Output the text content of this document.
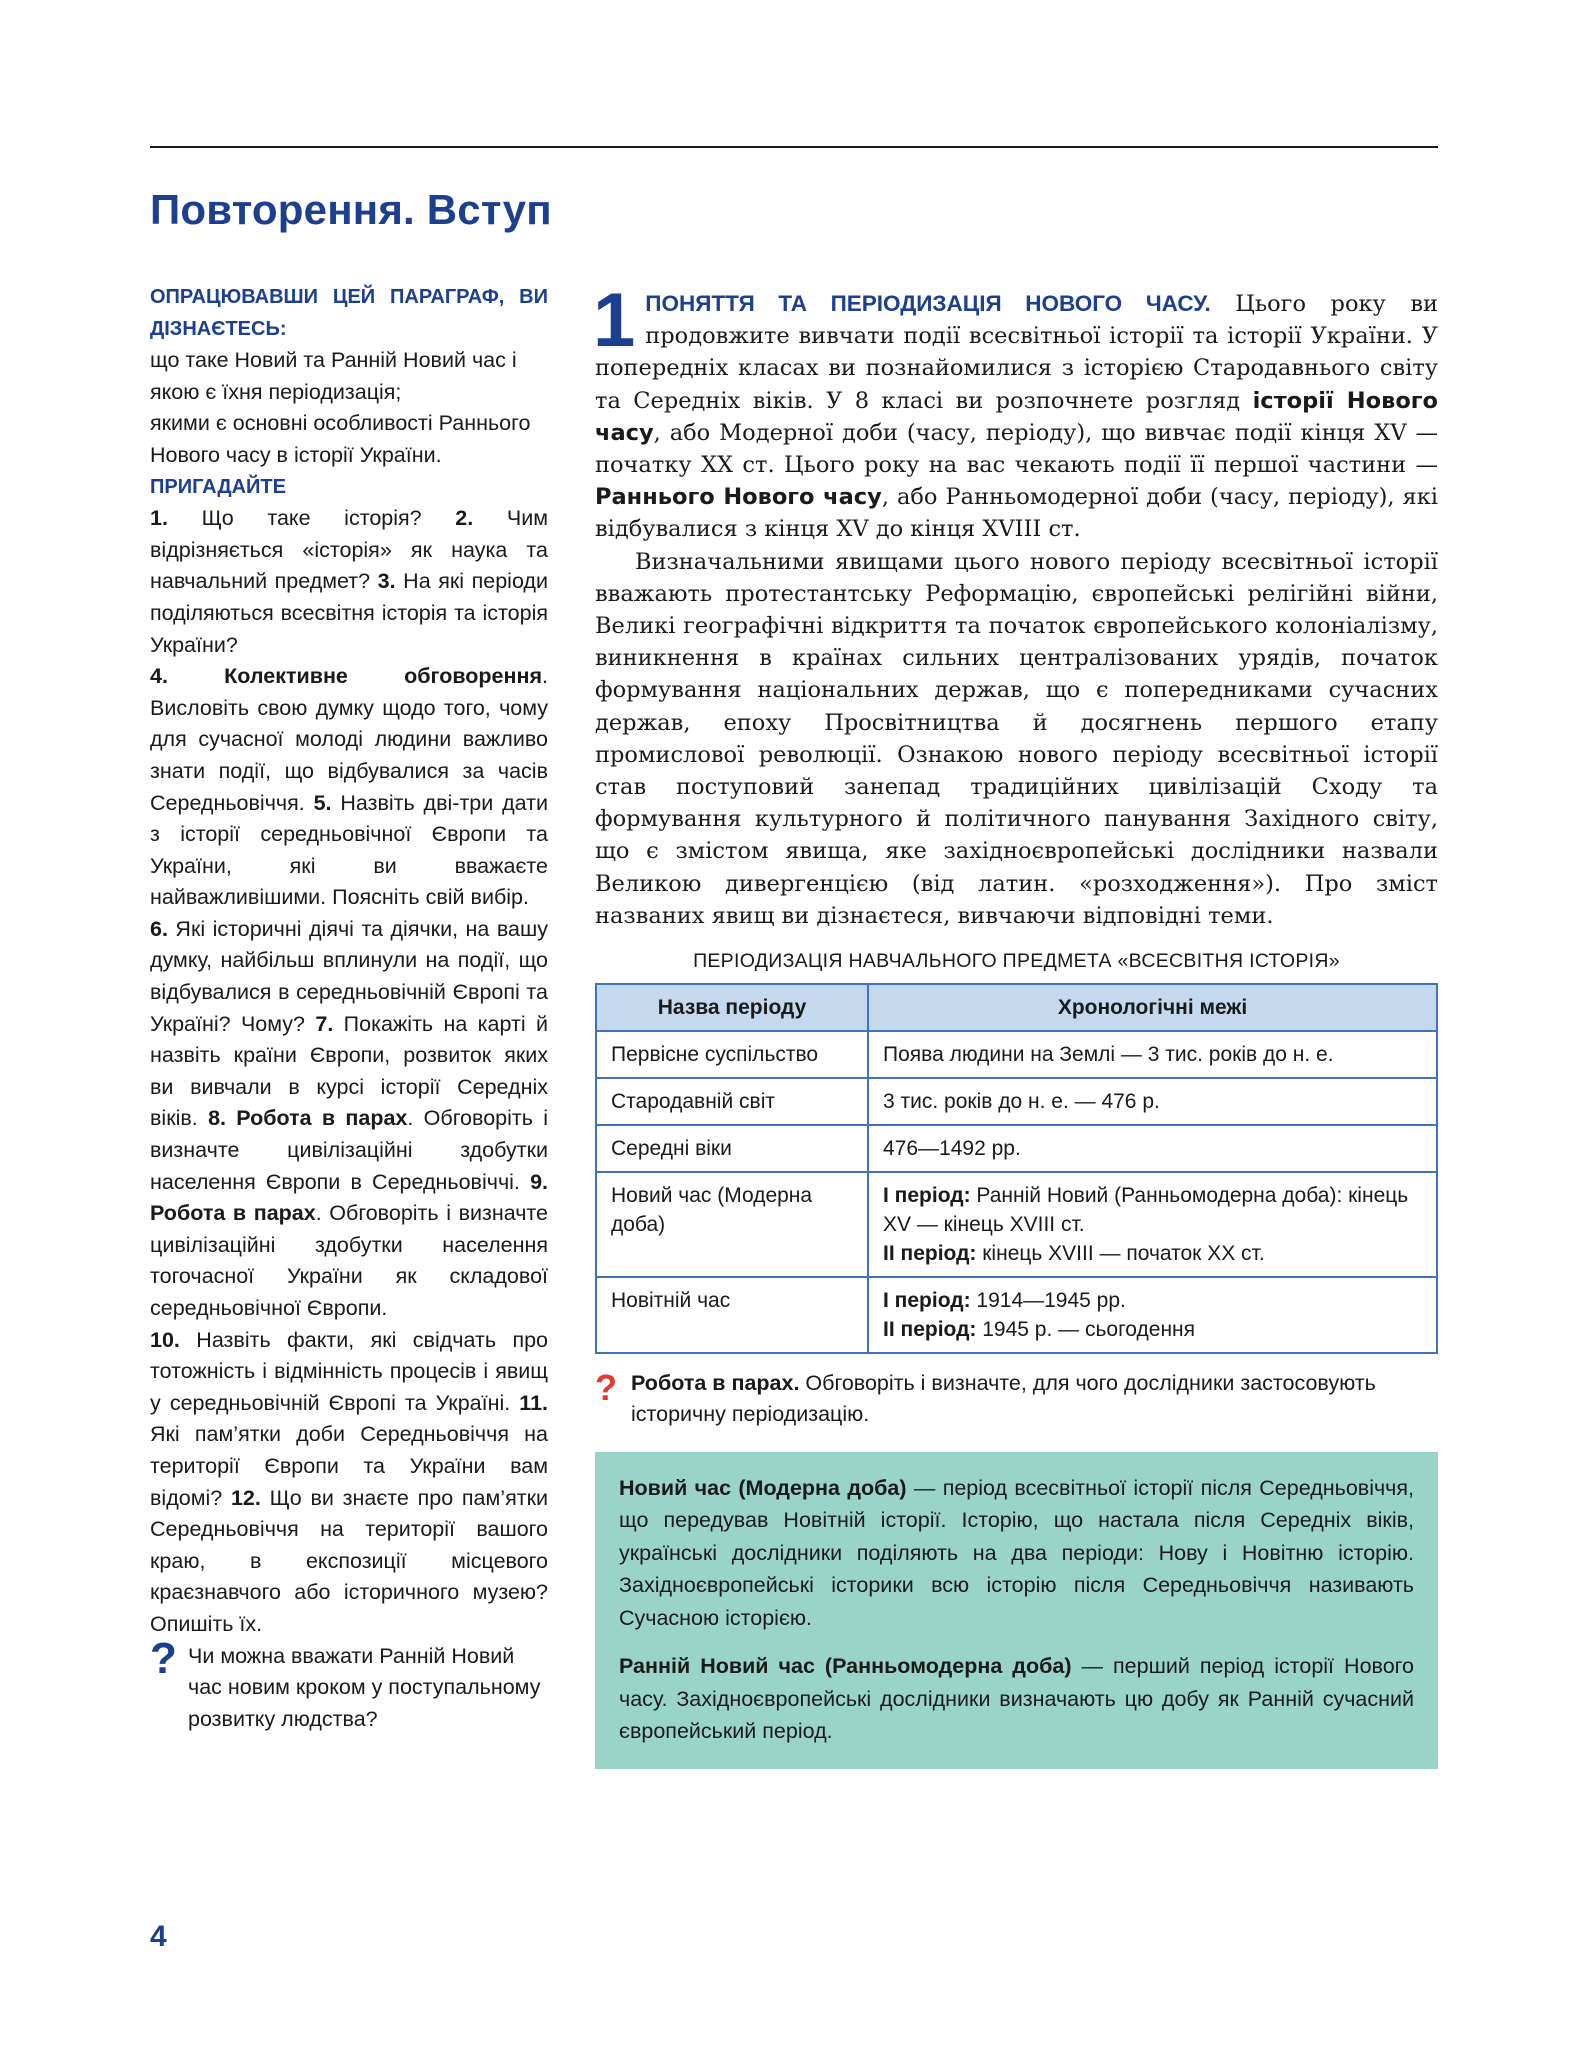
Повторення. Вступ

ОПРАЦЮВАВШИ ЦЕЙ ПАРАГРАФ, ВИ ДІЗНАЄТЕСЬ:

що таке Новий та Ранній Новий час і якою є їхня періодизація;

якими є основні особливості Раннього Нового часу в історії України.

ПРИГАДАЙТЕ

1. Що таке історія? 2. Чим відрізняється «історія» як наука та навчальний предмет? 3. На які періоди поділяються всесвітня історія та історія України?

4. Колективне обговорення. Висловіть свою думку щодо того, чому для сучасної молоді людини важливо знати події, що відбувалися за часів Середньовіччя. 5. Назвіть дві-три дати з історії середньовічної Європи та України, які ви вважаєте найважливішими. Поясніть свій вибір.

6. Які історичні діячі та діячки, на вашу думку, найбільш вплинули на події, що відбувалися в середньовічній Європі та Україні? Чому? 7. Покажіть на карті й назвіть країни Європи, розвиток яких ви вивчали в курсі історії Середніх віків. 8. Робота в парах. Обговоріть і визначте цивілізаційні здобутки населення Європи в Середньовіччі. 9. Робота в парах. Обговоріть і визначте цивілізаційні здобутки населення тогочасної України як складової середньовічної Європи.

10. Назвіть факти, які свідчать про тотожність і відмінність процесів і явищ у середньовічній Європі та Україні. 11. Які пам’ятки доби Середньовіччя на території Європи та України вам відомі? 12. Що ви знаєте про пам’ятки Середньовіччя на території вашого краю, в експозиції місцевого краєзнавчого або історичного музею? Опишіть їх.

? Чи можна вважати Ранній Новий час новим кроком у поступальному розвитку людства?

1 ПОНЯТТЯ ТА ПЕРІОДИЗАЦІЯ НОВОГО ЧАСУ. Цього року ви продовжите вивчати події всесвітньої історії та історії України. У попередніх класах ви познайомилися з історією Стародавнього світу та Середніх віків. У 8 класі ви розпочнете розгляд історії Нового часу, або Модерної доби (часу, періоду), що вивчає події кінця XV — початку XX ст. Цього року на вас чекають події її першої частини — Раннього Нового часу, або Ранньомодерної доби (часу, періоду), які відбувалися з кінця XV до кінця XVIII ст.

Визначальними явищами цього нового періоду всесвітньої історії вважають протестантську Реформацію, європейські релігійні війни, Великі географічні відкриття та початок європейського колоніалізму, виникнення в країнах сильних централізованих урядів, початок формування національних держав, що є попередниками сучасних держав, епоху Просвітництва й досягнень першого етапу промислової революції. Ознакою нового періоду всесвітньої історії став поступовий занепад традиційних цивілізацій Сходу та формування культурного й політичного панування Західного світу, що є змістом явища, яке західноєвропейські дослідники назвали Великою дивергенцією (від латин. «розходження»). Про зміст названих явищ ви дізнаєтеся, вивчаючи відповідні теми.

ПЕРІОДИЗАЦІЯ НАВЧАЛЬНОГО ПРЕДМЕТА «ВСЕСВІТНЯ ІСТОРІЯ»
Назва періоду	Хронологічні межі
Первісне суспільство	Поява людини на Землі — 3 тис. років до н. е.
Стародавній світ	3 тис. років до н. е. — 476 р.
Середні віки	476—1492 рр.
Новий час (Модерна доба)	I період: Ранній Новий (Ранньомодерна доба): кінець XV — кінець XVIII ст.
II період: кінець XVIII — початок XX ст.

Новітній час	I період: 1914—1945 рр.
II період: 1945 р. — сьогодення
? Робота в парах. Обговоріть і визначте, для чого дослідники застосовують історичну періодизацію.

Новий час (Модерна доба) — період всесвітньої історії після Середньовіччя, що передував Новітній історії. Історію, що настала після Середніх віків, українські дослідники поділяють на два періоди: Нову і Новітню історію. Західноєвропейські історики всю історію після Середньовіччя називають Сучасною історією.

Ранній Новий час (Ранньомодерна доба) — перший період історії Нового часу. Західноєвропейські дослідники визначають цю добу як Ранній сучасний європейський період.

4
